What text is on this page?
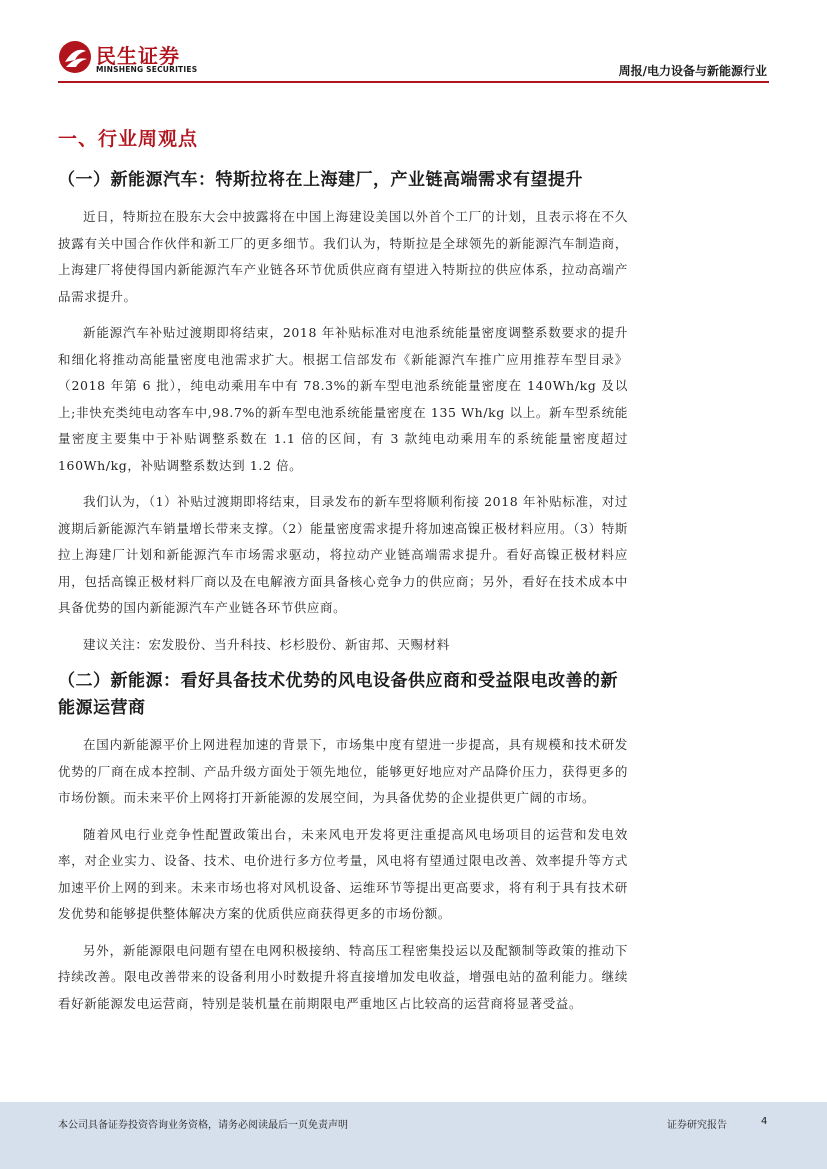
民生证券
MINSHENG SECURITIES	周报/电力设备与新能源行业
一、行业周观点
（一）新能源汽车：特斯拉将在上海建厂，产业链高端需求有望提升

近日，特斯拉在股东大会中披露将在中国上海建设美国以外首个工厂的计划，且表示将在不久披露有关中国合作伙伴和新工厂的更多细节。我们认为，特斯拉是全球领先的新能源汽车制造商，上海建厂将使得国内新能源汽车产业链各环节优质供应商有望进入特斯拉的供应体系，拉动高端产品需求提升。

新能源汽车补贴过渡期即将结束，2018 年补贴标准对电池系统能量密度调整系数要求的提升和细化将推动高能量密度电池需求扩大。根据工信部发布《新能源汽车推广应用推荐车型目录》（2018 年第 6 批），纯电动乘用车中有 78.3%的新车型电池系统能量密度在 140Wh/kg 及以上;非快充类纯电动客车中,98.7%的新车型电池系统能量密度在 135 Wh/kg 以上。新车型系统能量密度主要集中于补贴调整系数在 1.1 倍的区间，有 3 款纯电动乘用车的系统能量密度超过 160Wh/kg，补贴调整系数达到 1.2 倍。

我们认为，（1）补贴过渡期即将结束，目录发布的新车型将顺利衔接 2018 年补贴标准，对过渡期后新能源汽车销量增长带来支撑。（2）能量密度需求提升将加速高镍正极材料应用。（3）特斯拉上海建厂计划和新能源汽车市场需求驱动，将拉动产业链高端需求提升。看好高镍正极材料应用，包括高镍正极材料厂商以及在电解液方面具备核心竞争力的供应商；另外，看好在技术成本中具备优势的国内新能源汽车产业链各环节供应商。

建议关注：宏发股份、当升科技、杉杉股份、新宙邦、天赐材料

（二）新能源：看好具备技术优势的风电设备供应商和受益限电改善的新能源运营商

在国内新能源平价上网进程加速的背景下，市场集中度有望进一步提高，具有规模和技术研发优势的厂商在成本控制、产品升级方面处于领先地位，能够更好地应对产品降价压力，获得更多的市场份额。而未来平价上网将打开新能源的发展空间，为具备优势的企业提供更广阔的市场。

随着风电行业竞争性配置政策出台，未来风电开发将更注重提高风电场项目的运营和发电效率，对企业实力、设备、技术、电价进行多方位考量，风电将有望通过限电改善、效率提升等方式加速平价上网的到来。未来市场也将对风机设备、运维环节等提出更高要求，将有利于具有技术研发优势和能够提供整体解决方案的优质供应商获得更多的市场份额。

另外，新能源限电问题有望在电网积极接纳、特高压工程密集投运以及配额制等政策的推动下持续改善。限电改善带来的设备利用小时数提升将直接增加发电收益，增强电站的盈利能力。继续看好新能源发电运营商，特别是装机量在前期限电严重地区占比较高的运营商将显著受益。

本公司具备证券投资咨询业务资格，请务必阅读最后一页免责声明	证券研究报告	4
